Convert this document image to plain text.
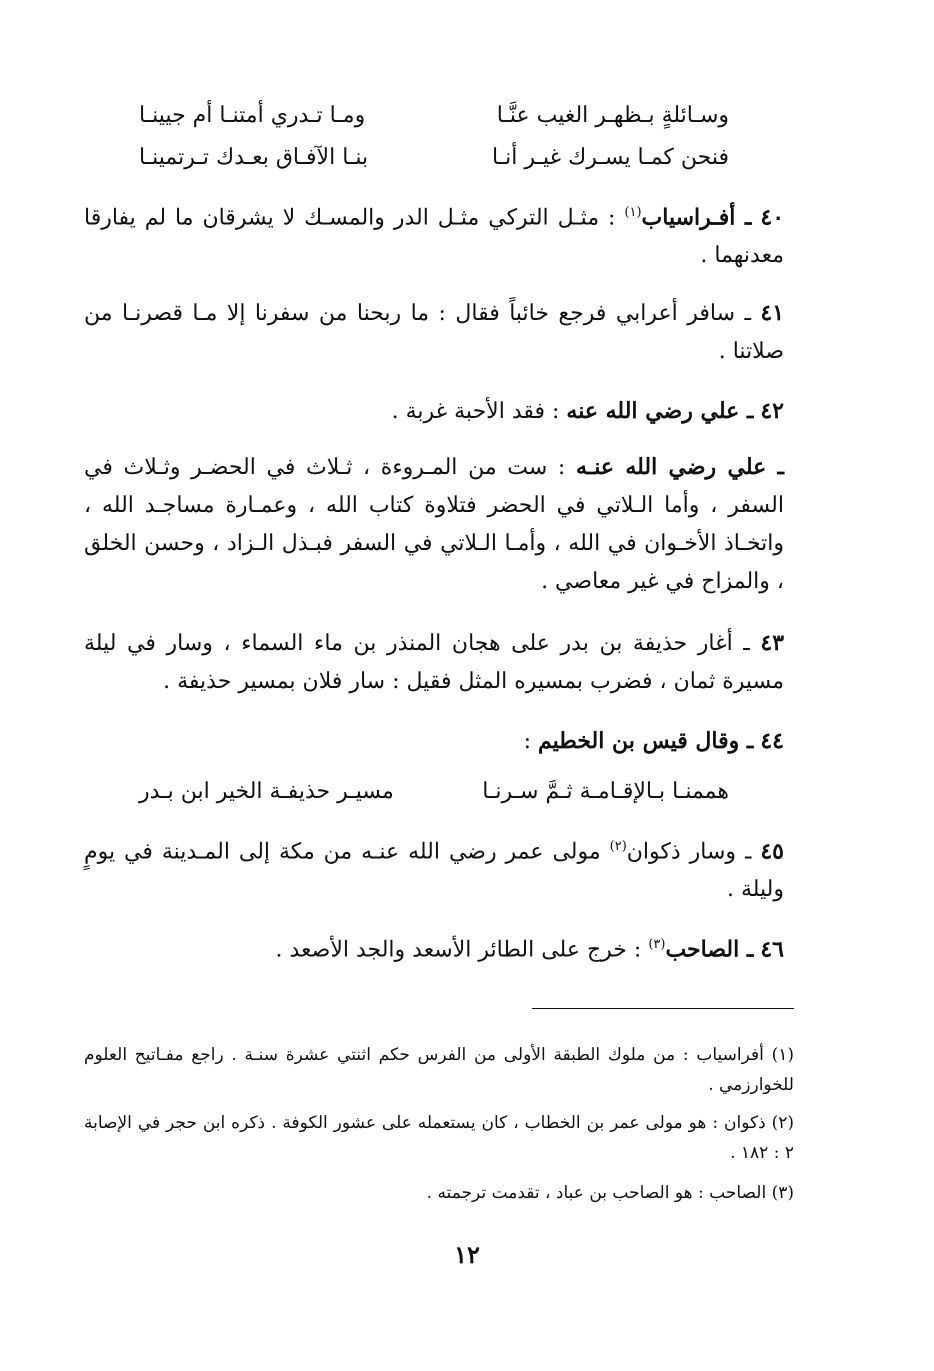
وسـائلةٍ بـظهـر الغيب عنَّـا
ومـا تـدري أمتنـا أم جيينـا
فنحن كمـا يسـرك غيـر أنـا
بنـا الآفـاق بعـدك تـرتمينـا
٤٠ ـ أفـراسياب$^{(١)}$ : مثـل التركي مثـل الدر والمسـك لا يشرقان ما لم يفارقا معدنهما .
٤١ ـ سافر أعرابي فرجع خائباً فقال : ما ربحنا من سفرنا إلا مـا قصرنـا من صلاتنا .
٤٢ ـ علي رضي الله عنه : فقد الأحبة غربة .
ـ علي رضي الله عنـه : ست من المـروءة ، ثـلاث في الحضـر وثـلاث في السفر ، وأما الـلاتي في الحضر فتلاوة كتاب الله ، وعمـارة مساجـد الله ، واتخـاذ الأخـوان في الله ، وأمـا الـلاتي في السفر فبـذل الـزاد ، وحسن الخلق ، والمزاح في غير معاصي .
٤٣ ـ أغار حذيفة بن بدر على هجان المنذر بن ماء السماء ، وسار في ليلة مسيرة ثمان ، فضرب بمسيره المثل فقيل : سار فلان بمسير حذيفة .
٤٤ ـ وقال قيس بن الخطيم :
هممنـا بـالإقـامـة ثـمَّ سـرنـا
مسيـر حذيفـة الخير ابن بـدر
٤٥ ـ وسار ذكوان$^{(٢)}$ مولى عمر رضي الله عنـه من مكة إلى المـدينة في يومٍ وليلة .
٤٦ ـ الصاحب$^{(٣)}$ : خرج على الطائر الأسعد والجد الأصعد .
(١) أفراسياب : من ملوك الطبقة الأولى من الفرس حكم اثنتي عشرة سنـة . راجع مفـاتيح العلوم للخوارزمي .
(٢) ذكوان : هو مولى عمر بن الخطاب ، كان يستعمله على عشور الكوفة . ذكره ابن حجر في الإصابة ٢ : ١٨٢ .
(٣) الصاحب : هو الصاحب بن عباد ، تقدمت ترجمته .
١٢
